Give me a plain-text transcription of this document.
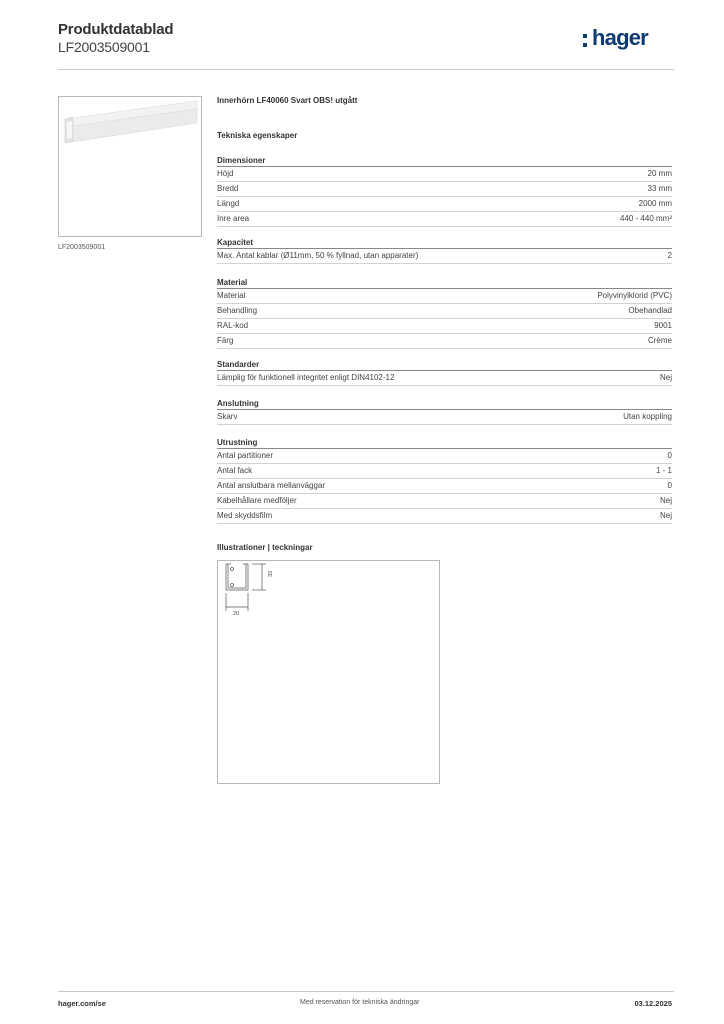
Produktdatablad
LF2003509001	hager
LF2003509001
Innerhörn LF40060 Svart OBS! utgått
Tekniska egenskaper
Dimensioner
Höjd	20 mm
Bredd	33 mm
Längd	2000 mm
Inre area	440 - 440 mm²
Kapacitet
Max. Antal kablar (Ø11mm, 50 % fyllnad, utan apparater)	2
Material
Material	Polyvinylklorid (PVC)
Behandling	Obehandlad
RAL-kod	9001
Färg	Crème
Standarder
Lämplig för funktionell integritet enligt DIN4102-12	Nej
Anslutning
Skarv	Utan koppling
Utrustning
Antal partitioner	0
Antal fack	1 - 1
Antal anslutbara mellanväggar	0
Kabelhållare medföljer	Nej
Med skyddsfilm	Nej
Illustrationer | teckningar
33
20
hager.com/se	Med reservation för tekniska ändringar	03.12.2025
